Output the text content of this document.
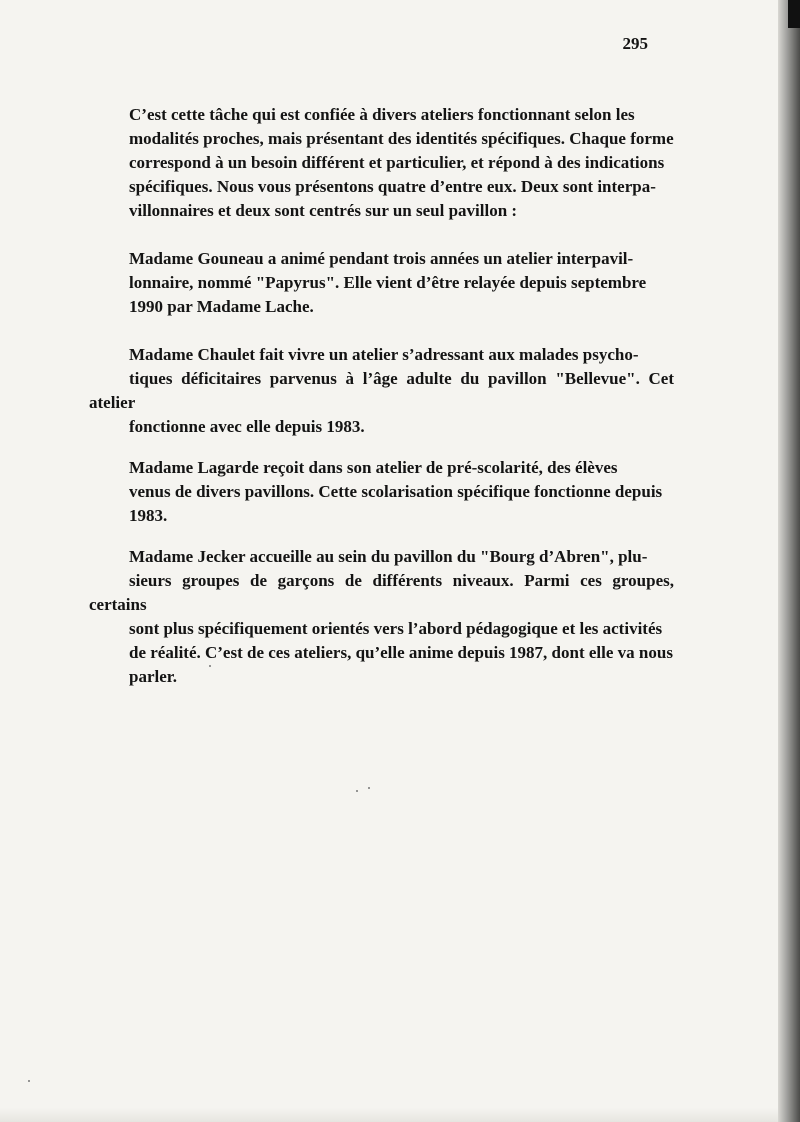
295

C’est cette tâche qui est confiée à divers ateliers fonctionnant selon les
modalités proches, mais présentant des identités spécifiques. Chaque forme
correspond à un besoin différent et particulier, et répond à des indications
spécifiques. Nous vous présentons quatre d’entre eux. Deux sont interpa-
villonnaires et deux sont centrés sur un seul pavillon :

Madame Gouneau a animé pendant trois années un atelier interpavil-
lonnaire, nommé "Papyrus". Elle vient d’être relayée depuis septembre
1990 par Madame Lache.

Madame Chaulet fait vivre un atelier s’adressant aux malades psycho-
tiques déficitaires parvenus à l’âge adulte du pavillon "Bellevue". Cet atelier
fonctionne avec elle depuis 1983.

Madame Lagarde reçoit dans son atelier de pré-scolarité, des élèves
venus de divers pavillons. Cette scolarisation spécifique fonctionne depuis
1983.

Madame Jecker accueille au sein du pavillon du "Bourg d’Abren", plu-
sieurs groupes de garçons de différents niveaux. Parmi ces groupes, certains
sont plus spécifiquement orientés vers l’abord pédagogique et les activités
de réalité. C’est de ces ateliers, qu’elle anime depuis 1987, dont elle va nous
parler.
